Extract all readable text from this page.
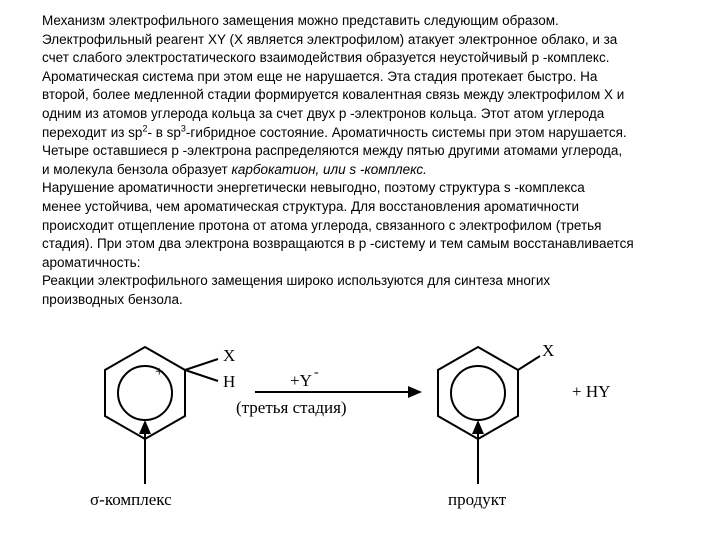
Механизм электрофильного замещения можно представить следующим образом.
Электрофильный реагент XY (X является электрофилом) атакует электронное облако, и за
счет слабого электростатического взаимодействия образуется неустойчивый p -комплекс.
Ароматическая система при этом еще не нарушается. Эта стадия протекает быстро. На
второй, более медленной стадии формируется ковалентная связь между электрофилом X и
одним из атомов углерода кольца за счет двух p -электронов кольца. Этот атом углерода
переходит из $sp^2-$ в $sp^3$-гибридное состояние. Ароматичность системы при этом нарушается.
Четыре оставшиеся p -электрона распределяются между пятью другими атомами углерода,
и молекула бензола образует карбокатион, или s -комплекс.

Нарушение ароматичности энергетически невыгодно, поэтому структура s -комплекса
менее устойчива, чем ароматическая структура. Для восстановления ароматичности
происходит отщепление протона от атома углерода, связанного с электрофилом (третья
стадия). При этом два электрона возвращаются в p -систему и тем самым восстанавливается
ароматичность:

Реакции электрофильного замещения широко используются для синтеза многих
производных бензола.

+
X
H	+Y -
(третья стадия)
X
+ HY
σ-комплекс	продукт
